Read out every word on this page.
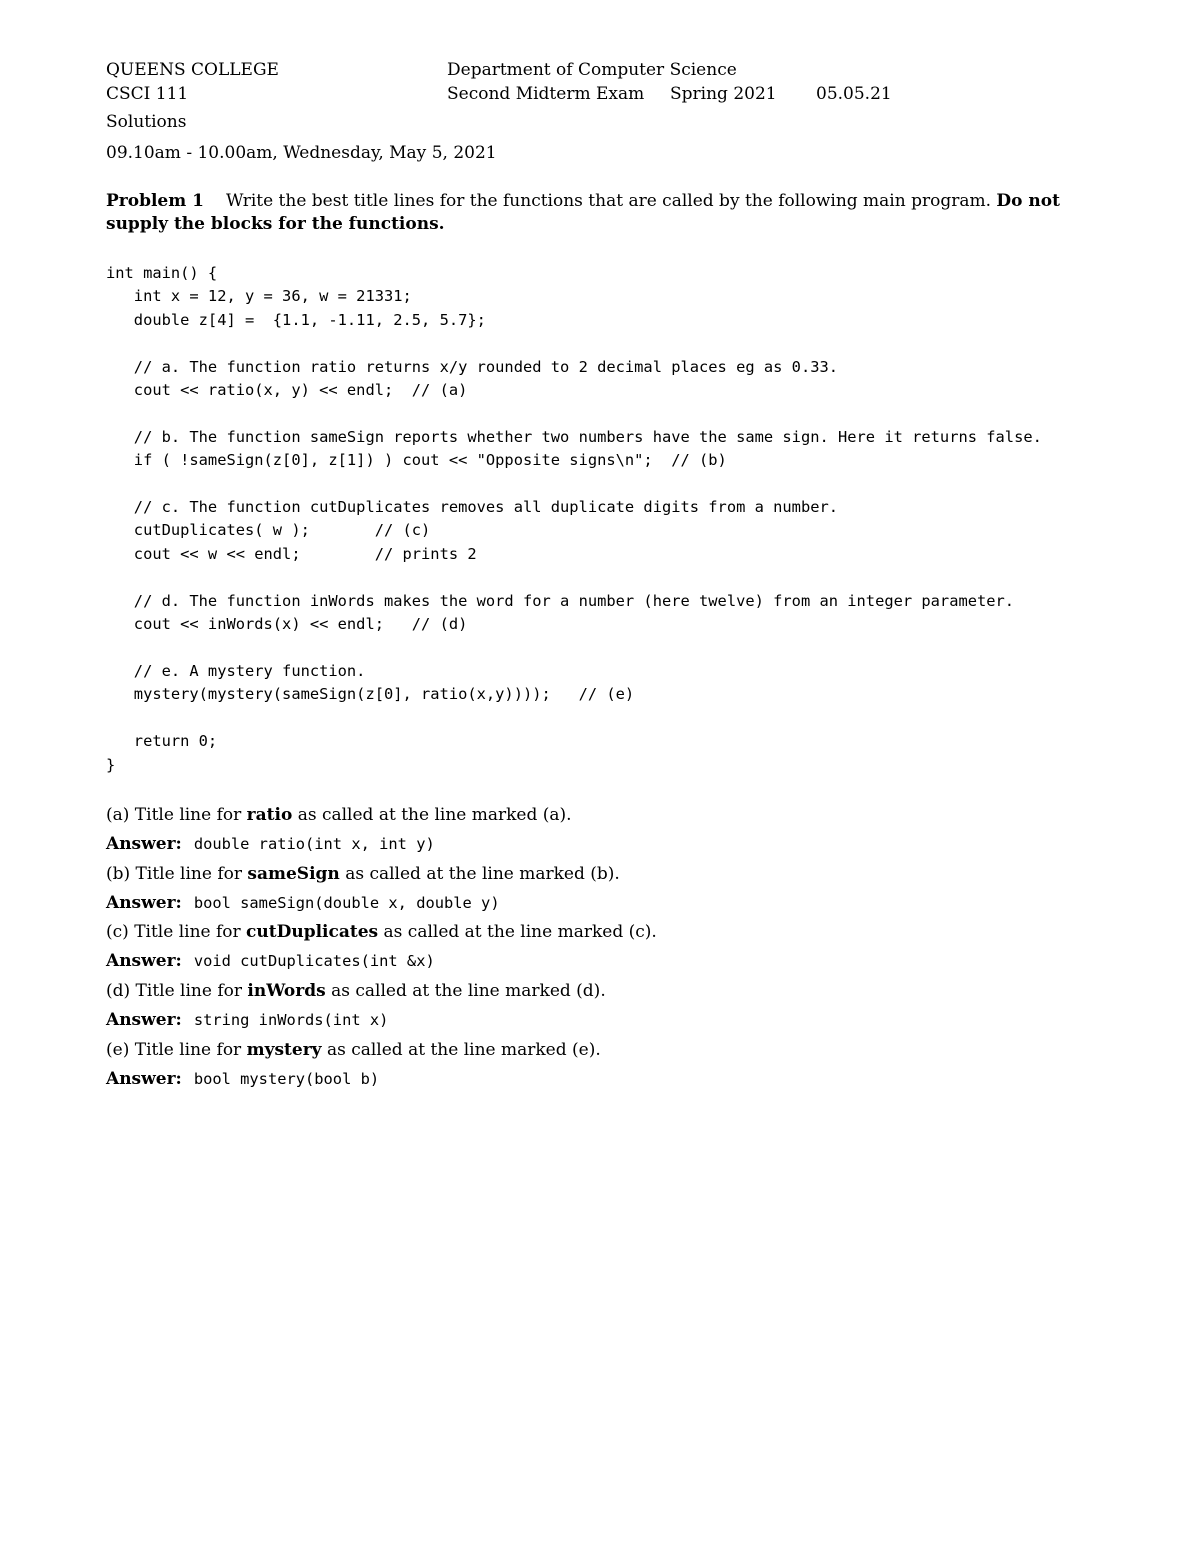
QUEENS COLLEGE	Department of Computer Science
CSCI 111	Second Midterm Exam Spring 2021 05.05.21
Solutions
09.10am - 10.00am, Wednesday, May 5, 2021
Problem 1 Write the best title lines for the functions that are called by the following main program. Do not supply the blocks for the functions.
int main() {
int x = 12, y = 36, w = 21331;
double z[4] =  {1.1, -1.11, 2.5, 5.7};

// a. The function ratio returns x/y rounded to 2 decimal places eg as 0.33.
cout << ratio(x, y) << endl;  // (a)

// b. The function sameSign reports whether two numbers have the same sign. Here it returns false.
if ( !sameSign(z[0], z[1]) ) cout << "Opposite signs\n";  // (b)

// c. The function cutDuplicates removes all duplicate digits from a number.
cutDuplicates( w );       // (c)
cout << w << endl;        // prints 2

// d. The function inWords makes the word for a number (here twelve) from an integer parameter.
cout << inWords(x) << endl;   // (d)

// e. A mystery function.
mystery(mystery(sameSign(z[0], ratio(x,y))));   // (e)

return 0;
}
(a) Title line for ratio as called at the line marked (a).
Answer: double ratio(int x, int y)
(b) Title line for sameSign as called at the line marked (b).
Answer: bool sameSign(double x, double y)
(c) Title line for cutDuplicates as called at the line marked (c).
Answer: void cutDuplicates(int &x)
(d) Title line for inWords as called at the line marked (d).
Answer: string inWords(int x)
(e) Title line for mystery as called at the line marked (e).
Answer: bool mystery(bool b)
